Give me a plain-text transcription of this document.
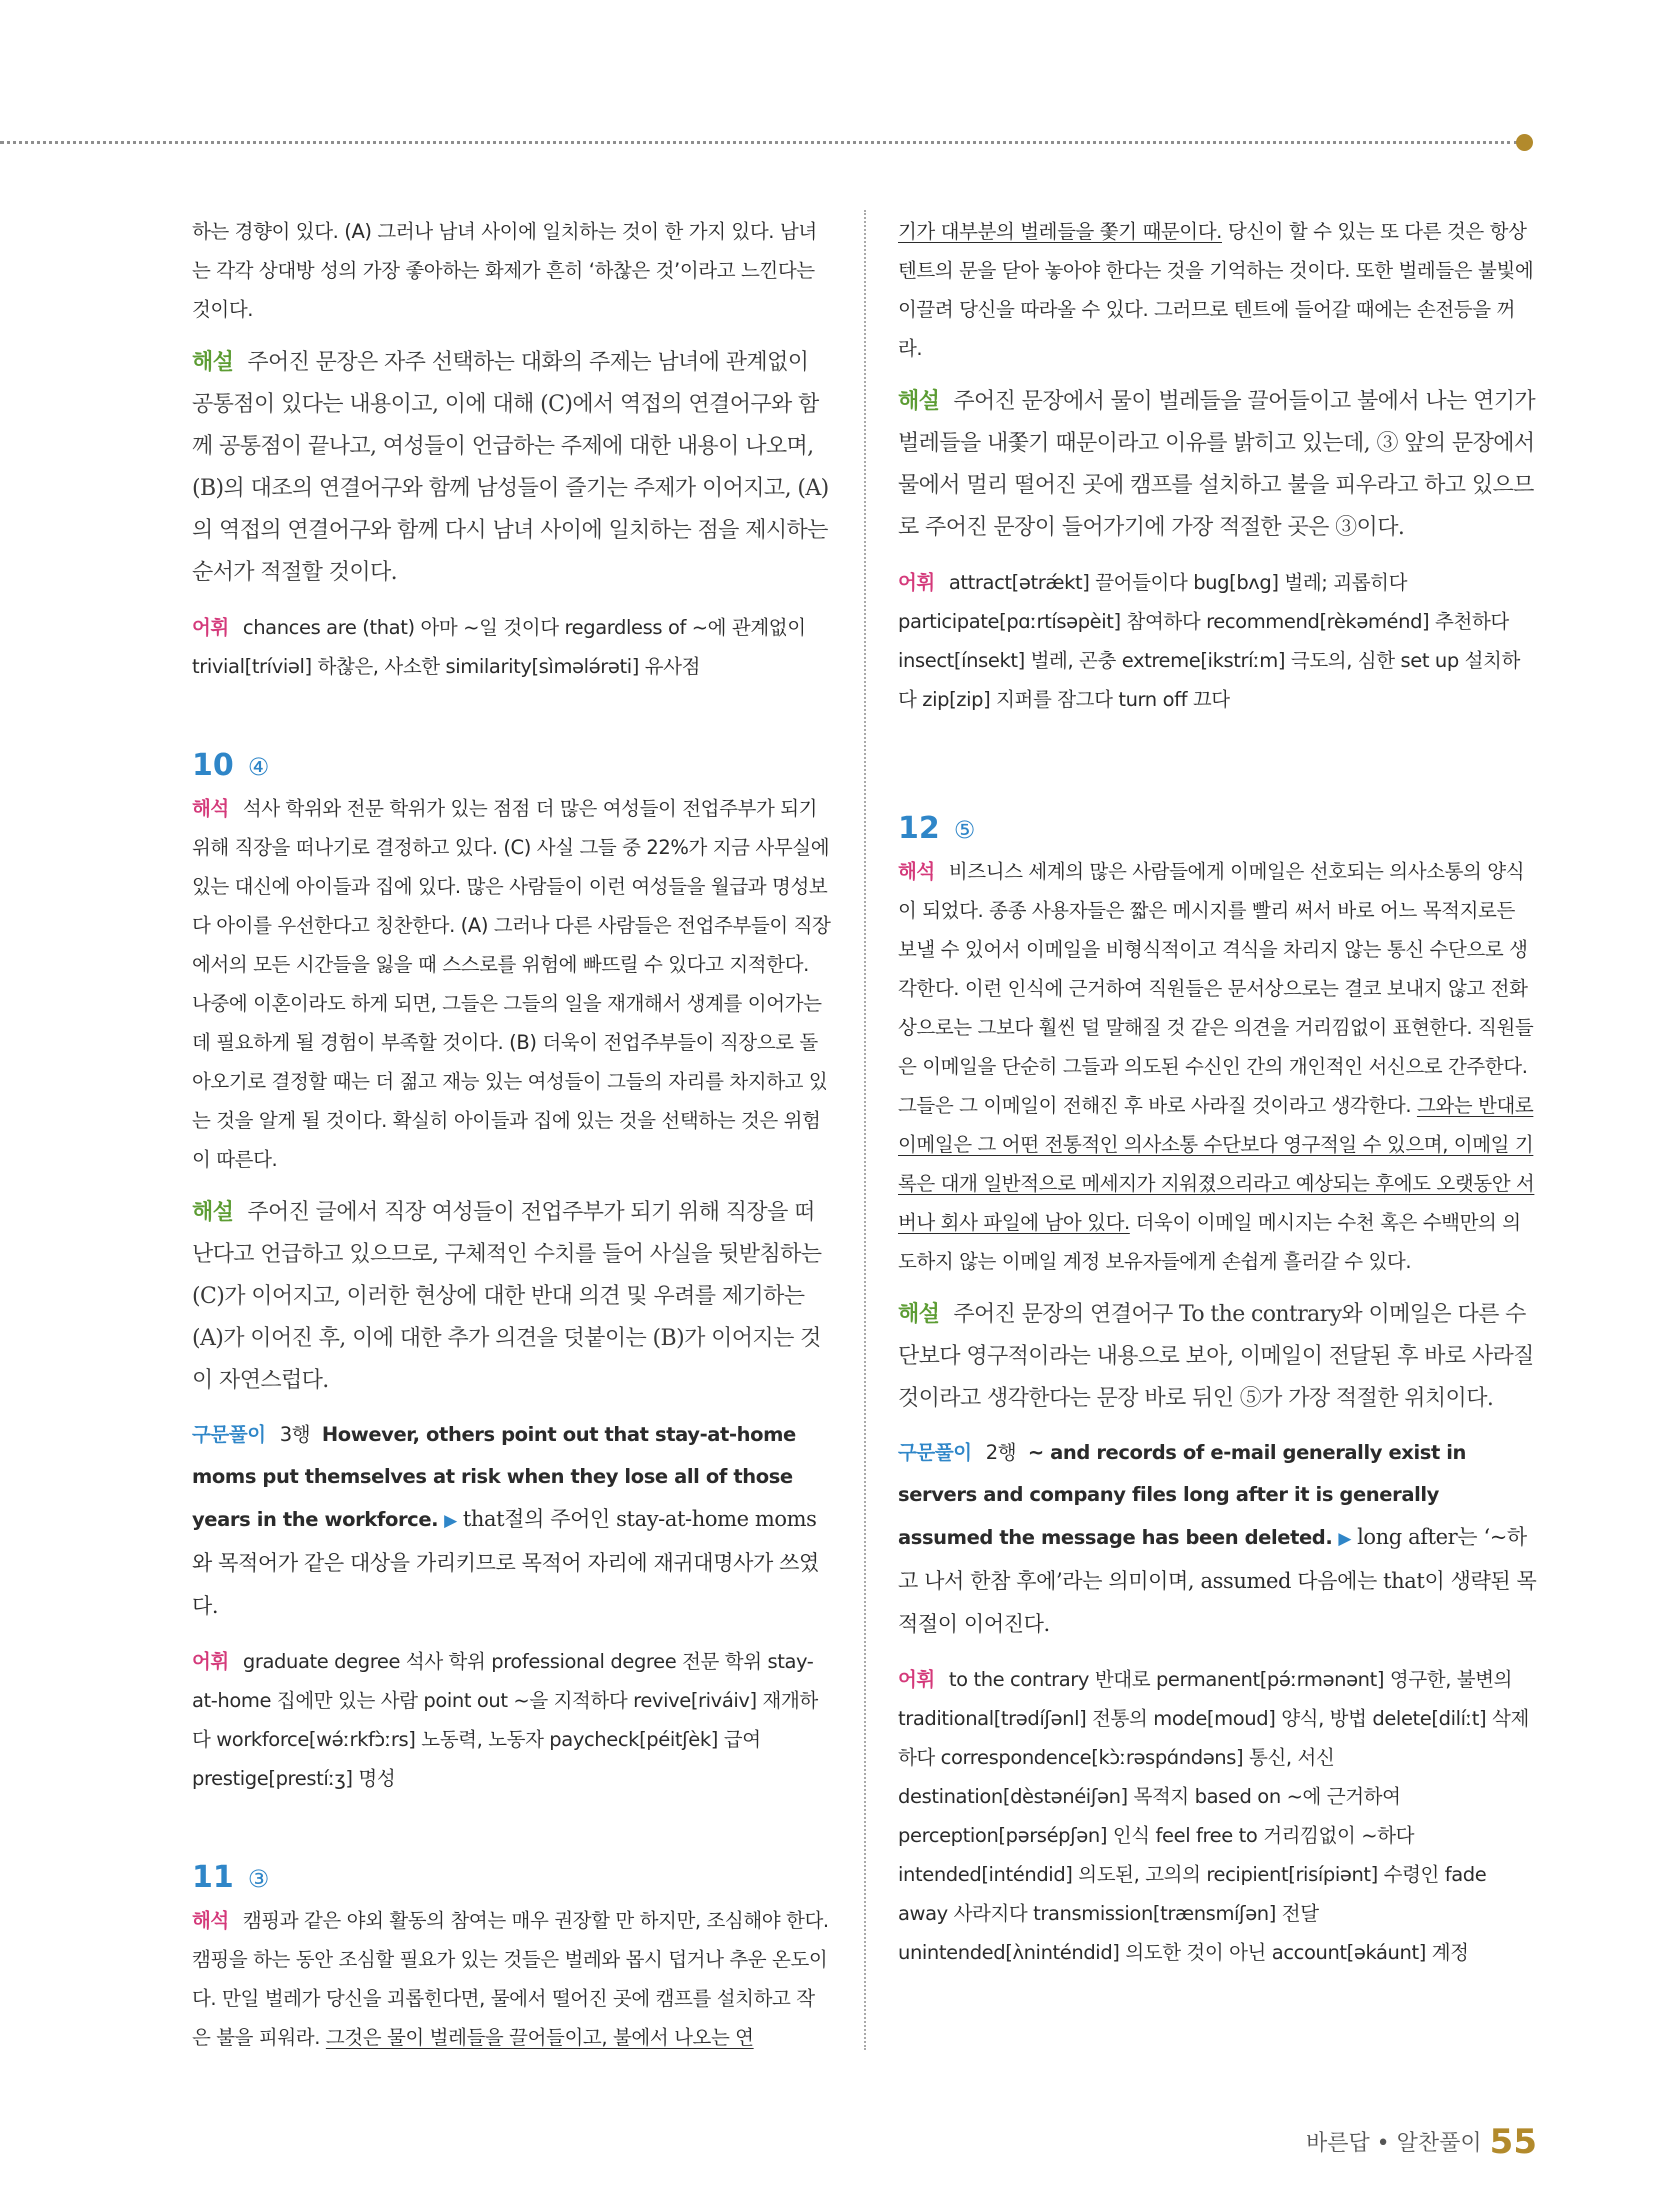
하는 경향이 있다. (A) 그러나 남녀 사이에 일치하는 것이 한 가지 있다. 남녀는 각각 상대방 성의 가장 좋아하는 화제가 흔히 ‘하찮은 것’이라고 느낀다는 것이다.

해설 주어진 문장은 자주 선택하는 대화의 주제는 남녀에 관계없이 공통점이 있다는 내용이고, 이에 대해 (C)에서 역접의 연결어구와 함께 공통점이 끝나고, 여성들이 언급하는 주제에 대한 내용이 나오며, (B)의 대조의 연결어구와 함께 남성들이 즐기는 주제가 이어지고, (A)의 역접의 연결어구와 함께 다시 남녀 사이에 일치하는 점을 제시하는 순서가 적절할 것이다.

어휘 chances are (that) 아마 ~일 것이다 regardless of ~에 관계없이 trivial[tríviəl] 하찮은, 사소한 similarity[sìmələ́rəti] 유사점

10 ④

해석 석사 학위와 전문 학위가 있는 점점 더 많은 여성들이 전업주부가 되기 위해 직장을 떠나기로 결정하고 있다. (C) 사실 그들 중 22%가 지금 사무실에 있는 대신에 아이들과 집에 있다. 많은 사람들이 이런 여성들을 월급과 명성보다 아이를 우선한다고 칭찬한다. (A) 그러나 다른 사람들은 전업주부들이 직장에서의 모든 시간들을 잃을 때 스스로를 위험에 빠뜨릴 수 있다고 지적한다. 나중에 이혼이라도 하게 되면, 그들은 그들의 일을 재개해서 생계를 이어가는 데 필요하게 될 경험이 부족할 것이다. (B) 더욱이 전업주부들이 직장으로 돌아오기로 결정할 때는 더 젊고 재능 있는 여성들이 그들의 자리를 차지하고 있는 것을 알게 될 것이다. 확실히 아이들과 집에 있는 것을 선택하는 것은 위험이 따른다.

해설 주어진 글에서 직장 여성들이 전업주부가 되기 위해 직장을 떠난다고 언급하고 있으므로, 구체적인 수치를 들어 사실을 뒷받침하는 (C)가 이어지고, 이러한 현상에 대한 반대 의견 및 우려를 제기하는 (A)가 이어진 후, 이에 대한 추가 의견을 덧붙이는 (B)가 이어지는 것이 자연스럽다.

구문풀이 3행 However, others point out that stay-at-home moms put themselves at risk when they lose all of those years in the workforce. ▶ that절의 주어인 stay-at-home moms와 목적어가 같은 대상을 가리키므로 목적어 자리에 재귀대명사가 쓰였다.

어휘 graduate degree 석사 학위 professional degree 전문 학위 stay-at-home 집에만 있는 사람 point out ~을 지적하다 revive[riváiv] 재개하다 workforce[wə́ːrkfɔ̀ːrs] 노동력, 노동자 paycheck[péitʃèk] 급여 prestige[prestíːʒ] 명성

11 ③

해석 캠핑과 같은 야외 활동의 참여는 매우 권장할 만 하지만, 조심해야 한다. 캠핑을 하는 동안 조심할 필요가 있는 것들은 벌레와 몹시 덥거나 추운 온도이다. 만일 벌레가 당신을 괴롭힌다면, 물에서 떨어진 곳에 캠프를 설치하고 작은 불을 피워라. 그것은 물이 벌레들을 끌어들이고, 불에서 나오는 연

기가 대부분의 벌레들을 쫓기 때문이다. 당신이 할 수 있는 또 다른 것은 항상 텐트의 문을 닫아 놓아야 한다는 것을 기억하는 것이다. 또한 벌레들은 불빛에 이끌려 당신을 따라올 수 있다. 그러므로 텐트에 들어갈 때에는 손전등을 꺼라.

해설 주어진 문장에서 물이 벌레들을 끌어들이고 불에서 나는 연기가 벌레들을 내쫓기 때문이라고 이유를 밝히고 있는데, ③ 앞의 문장에서 물에서 멀리 떨어진 곳에 캠프를 설치하고 불을 피우라고 하고 있으므로 주어진 문장이 들어가기에 가장 적절한 곳은 ③이다.

어휘 attract[ətrǽkt] 끌어들이다 bug[bʌg] 벌레; 괴롭히다 participate[pɑːrtísəpèit] 참여하다 recommend[rèkəménd] 추천하다 insect[ínsekt] 벌레, 곤충 extreme[ikstríːm] 극도의, 심한 set up 설치하다 zip[zip] 지퍼를 잠그다 turn off 끄다

12 ⑤

해석 비즈니스 세계의 많은 사람들에게 이메일은 선호되는 의사소통의 양식이 되었다. 종종 사용자들은 짧은 메시지를 빨리 써서 바로 어느 목적지로든 보낼 수 있어서 이메일을 비형식적이고 격식을 차리지 않는 통신 수단으로 생각한다. 이런 인식에 근거하여 직원들은 문서상으로는 결코 보내지 않고 전화상으로는 그보다 훨씬 덜 말해질 것 같은 의견을 거리낌없이 표현한다. 직원들은 이메일을 단순히 그들과 의도된 수신인 간의 개인적인 서신으로 간주한다. 그들은 그 이메일이 전해진 후 바로 사라질 것이라고 생각한다. 그와는 반대로 이메일은 그 어떤 전통적인 의사소통 수단보다 영구적일 수 있으며, 이메일 기록은 대개 일반적으로 메세지가 지워졌으리라고 예상되는 후에도 오랫동안 서버나 회사 파일에 남아 있다. 더욱이 이메일 메시지는 수천 혹은 수백만의 의도하지 않는 이메일 계정 보유자들에게 손쉽게 흘러갈 수 있다.

해설 주어진 문장의 연결어구 To the contrary와 이메일은 다른 수단보다 영구적이라는 내용으로 보아, 이메일이 전달된 후 바로 사라질 것이라고 생각한다는 문장 바로 뒤인 ⑤가 가장 적절한 위치이다.

구문풀이 2행 ~ and records of e-mail generally exist in servers and company files long after it is generally assumed the message has been deleted. ▶ long after는 ‘~하고 나서 한참 후에’라는 의미이며, assumed 다음에는 that이 생략된 목적절이 이어진다.

어휘 to the contrary 반대로 permanent[pə́ːrmənənt] 영구한, 불변의 traditional[trədíʃənl] 전통의 mode[moud] 양식, 방법 delete[dilíːt] 삭제하다 correspondence[kɔ̀ːrəspɑ́ndəns] 통신, 서신 destination[dèstənéiʃən] 목적지 based on ~에 근거하여 perception[pərsépʃən] 인식 feel free to 거리낌없이 ~하다 intended[inténdid] 의도된, 고의의 recipient[risípiənt] 수령인 fade away 사라지다 transmission[trænsmíʃən] 전달 unintended[ʌ̀ninténdid] 의도한 것이 아닌 account[əkáunt] 계정

바른답 • 알찬풀이 55
